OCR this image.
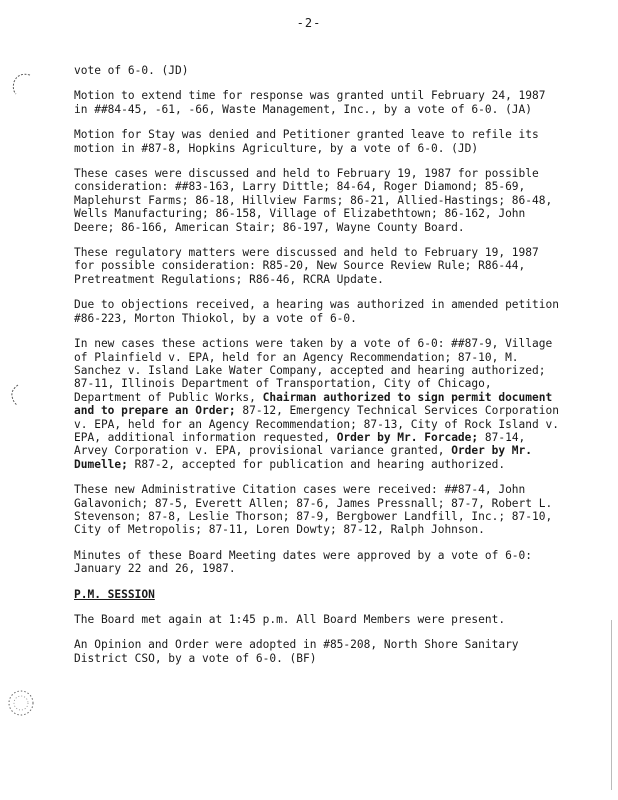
-2-

vote of 6-0. (JD)

Motion to extend time for response was granted until February 24, 1987 in ##84-45, -61, -66, Waste Management, Inc., by a vote of 6-0. (JA)

Motion for Stay was denied and Petitioner granted leave to refile its motion in #87-8, Hopkins Agriculture, by a vote of 6-0. (JD)

These cases were discussed and held to February 19, 1987 for possible consideration: ##83-163, Larry Dittle; 84-64, Roger Diamond; 85-69, Maplehurst Farms; 86-18, Hillview Farms; 86-21, Allied-Hastings; 86-48, Wells Manufacturing; 86-158, Village of Elizabethtown; 86-162, John Deere; 86-166, American Stair; 86-197, Wayne County Board.

These regulatory matters were discussed and held to February 19, 1987 for possible consideration: R85-20, New Source Review Rule; R86-44, Pretreatment Regulations; R86-46, RCRA Update.

Due to objections received, a hearing was authorized in amended petition #86-223, Morton Thiokol, by a vote of 6-0.

In new cases these actions were taken by a vote of 6-0: ##87-9, Village of Plainfield v. EPA, held for an Agency Recommendation; 87-10, M. Sanchez v. Island Lake Water Company, accepted and hearing authorized; 87-11, Illinois Department of Transportation, City of Chicago, Department of Public Works, Chairman authorized to sign permit document and to prepare an Order; 87-12, Emergency Technical Services Corporation v. EPA, held for an Agency Recommendation; 87-13, City of Rock Island v. EPA, additional information requested, Order by Mr. Forcade; 87-14, Arvey Corporation v. EPA, provisional variance granted, Order by Mr. Dumelle; R87-2, accepted for publication and hearing authorized.

These new Administrative Citation cases were received: ##87-4, John Galavonich; 87-5, Everett Allen; 87-6, James Pressnall; 87-7, Robert L. Stevenson; 87-8, Leslie Thorson; 87-9, Bergbower Landfill, Inc.; 87-10, City of Metropolis; 87-11, Loren Dowty; 87-12, Ralph Johnson.

Minutes of these Board Meeting dates were approved by a vote of 6-0: January 22 and 26, 1987.

P.M. SESSION

The Board met again at 1:45 p.m. All Board Members were present.

An Opinion and Order were adopted in #85-208, North Shore Sanitary District CSO, by a vote of 6-0. (BF)
